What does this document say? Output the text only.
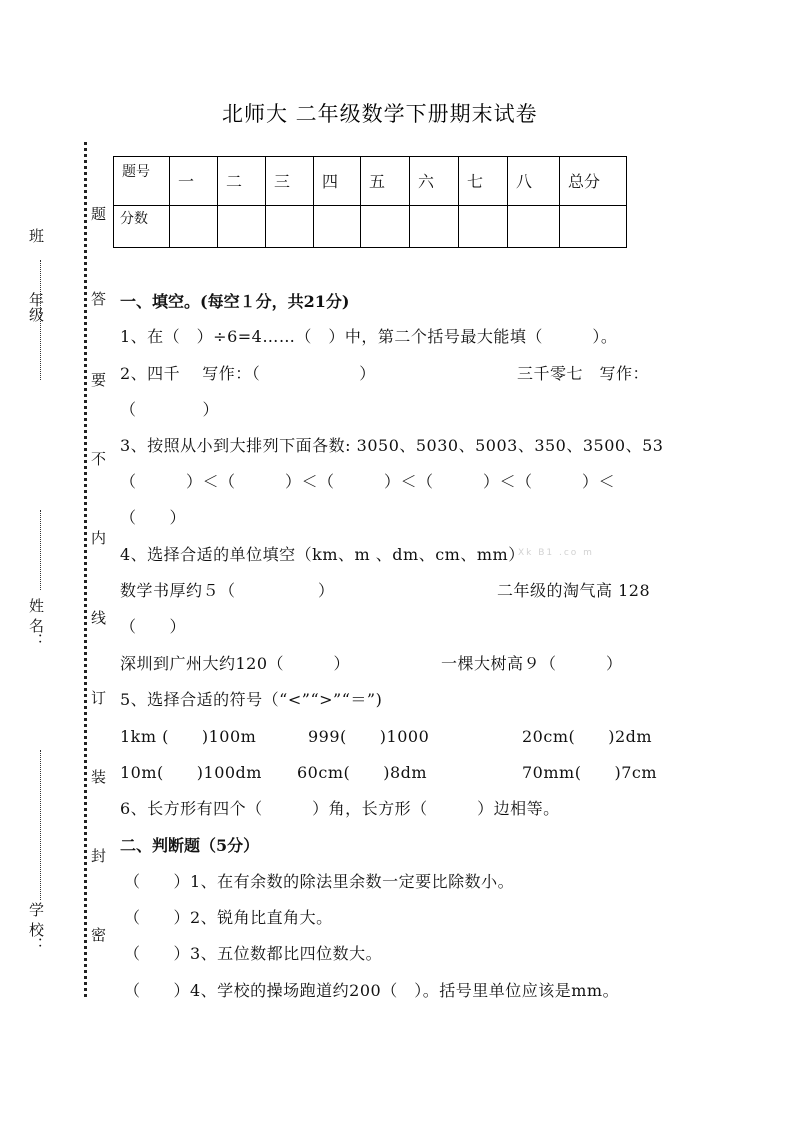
北师大 二年级数学下册期末试卷
题
答
要
不
内
线
订
装
封
密
年级
班
姓 名：
学 校：
题号	一	二	三	四	五	六	七	八	总分

分数									

一、填空。(每空１分，共21分)
1、在（　）÷6=4……（　）中，第二个括号最大能填（　　　）。
2、四千　 写作：（　　　　　　）	三千零七　写作：
（　　　　）
3、按照从小到大排列下面各数: 3050、5030、5003、350、3500、53
（　　　）＜（　　　）＜（　　　）＜（　　　）＜（　　　）＜
（　　）
4、选择合适的单位填空（km、m 、dm、cm、mm）
Xk B1 .co m
数学书厚约５（　　　　　）	二年级的淘气高 128
（　　）
深圳到广州大约120（　　　）	一棵大树高９（　　　）
5、选择合适的符号（“<”“>”“＝”)
1km (　　)100m	999(　　)1000	20cm(　　)2dm
10m(　　)100dm 60cm(　　)8dm	70mm(　　)7cm
6、长方形有四个（　　　）角，长方形（　　　）边相等。
二、判断题（5分）
（　　）1、在有余数的除法里余数一定要比除数小。
（　　）2、锐角比直角大。
（　　）3、五位数都比四位数大。
（　　）4、学校的操场跑道约200（　）。括号里单位应该是mm。
